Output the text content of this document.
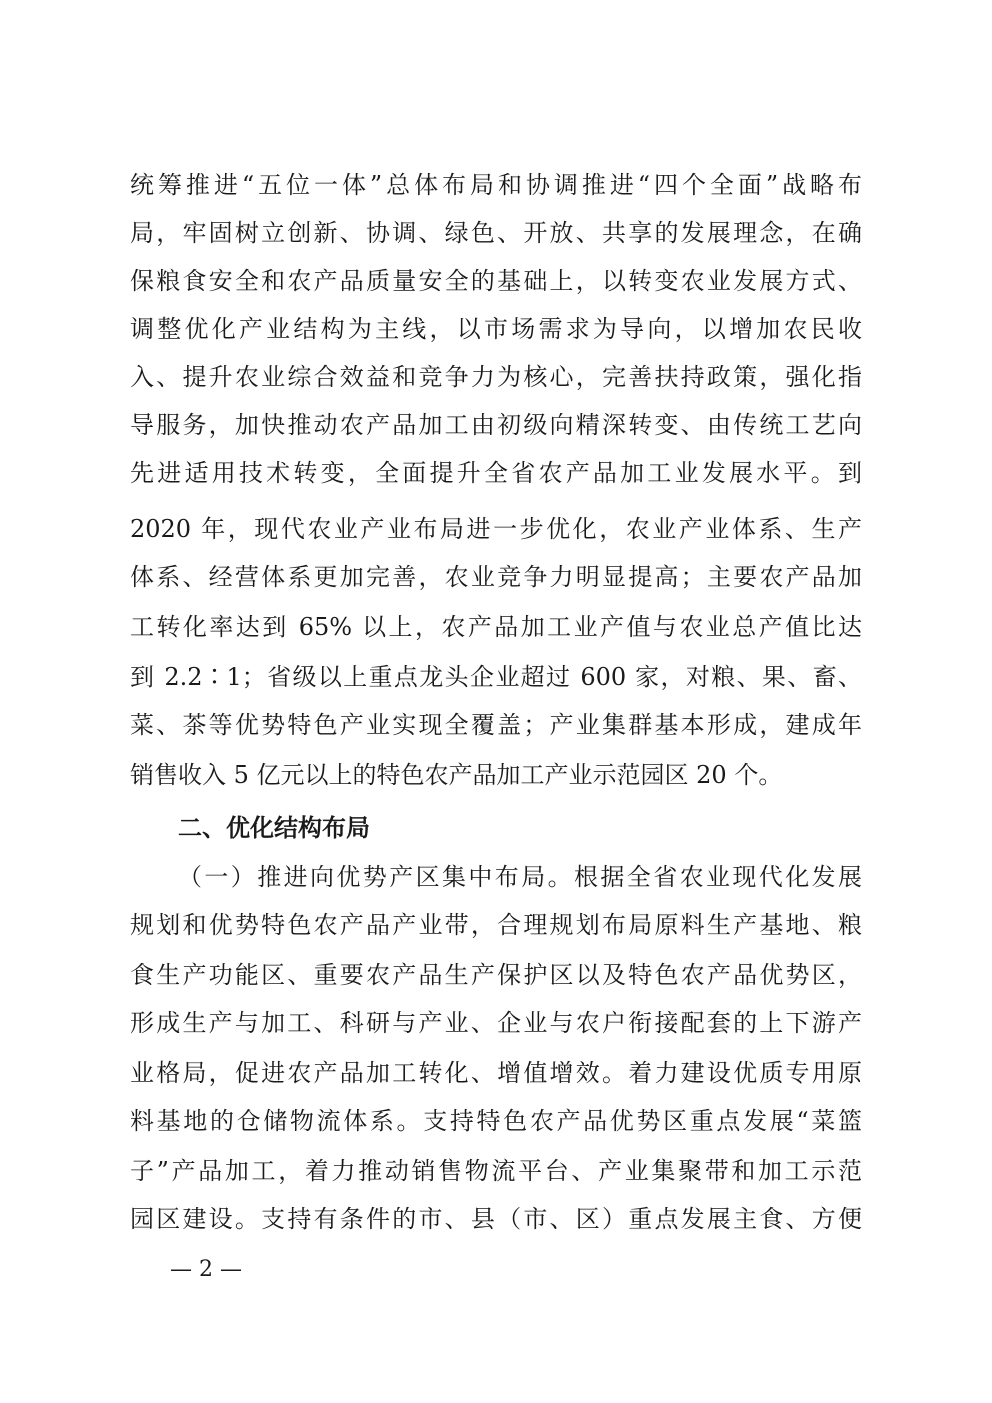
统筹推进“五位一体”总体布局和协调推进“四个全面”战略布
局，牢固树立创新、协调、绿色、开放、共享的发展理念，在确
保粮食安全和农产品质量安全的基础上，以转变农业发展方式、
调整优化产业结构为主线，以市场需求为导向，以增加农民收
入、提升农业综合效益和竞争力为核心，完善扶持政策，强化指
导服务，加快推动农产品加工由初级向精深转变、由传统工艺向
先进适用技术转变，全面提升全省农产品加工业发展水平。到
2020 年，现代农业产业布局进一步优化，农业产业体系、生产
体系、经营体系更加完善，农业竞争力明显提高；主要农产品加
工转化率达到 65% 以上，农产品加工业产值与农业总产值比达
到 2.2∶1；省级以上重点龙头企业超过 600 家，对粮、果、畜、
菜、茶等优势特色产业实现全覆盖；产业集群基本形成，建成年
销售收入 5 亿元以上的特色农产品加工产业示范园区 20 个。
二、优化结构布局
（一）推进向优势产区集中布局。根据全省农业现代化发展
规划和优势特色农产品产业带，合理规划布局原料生产基地、粮
食生产功能区、重要农产品生产保护区以及特色农产品优势区，
形成生产与加工、科研与产业、企业与农户衔接配套的上下游产
业格局，促进农产品加工转化、增值增效。着力建设优质专用原
料基地的仓储物流体系。支持特色农产品优势区重点发展“菜篮
子”产品加工，着力推动销售物流平台、产业集聚带和加工示范
园区建设。支持有条件的市、县（市、区）重点发展主食、方便
— 2 —
